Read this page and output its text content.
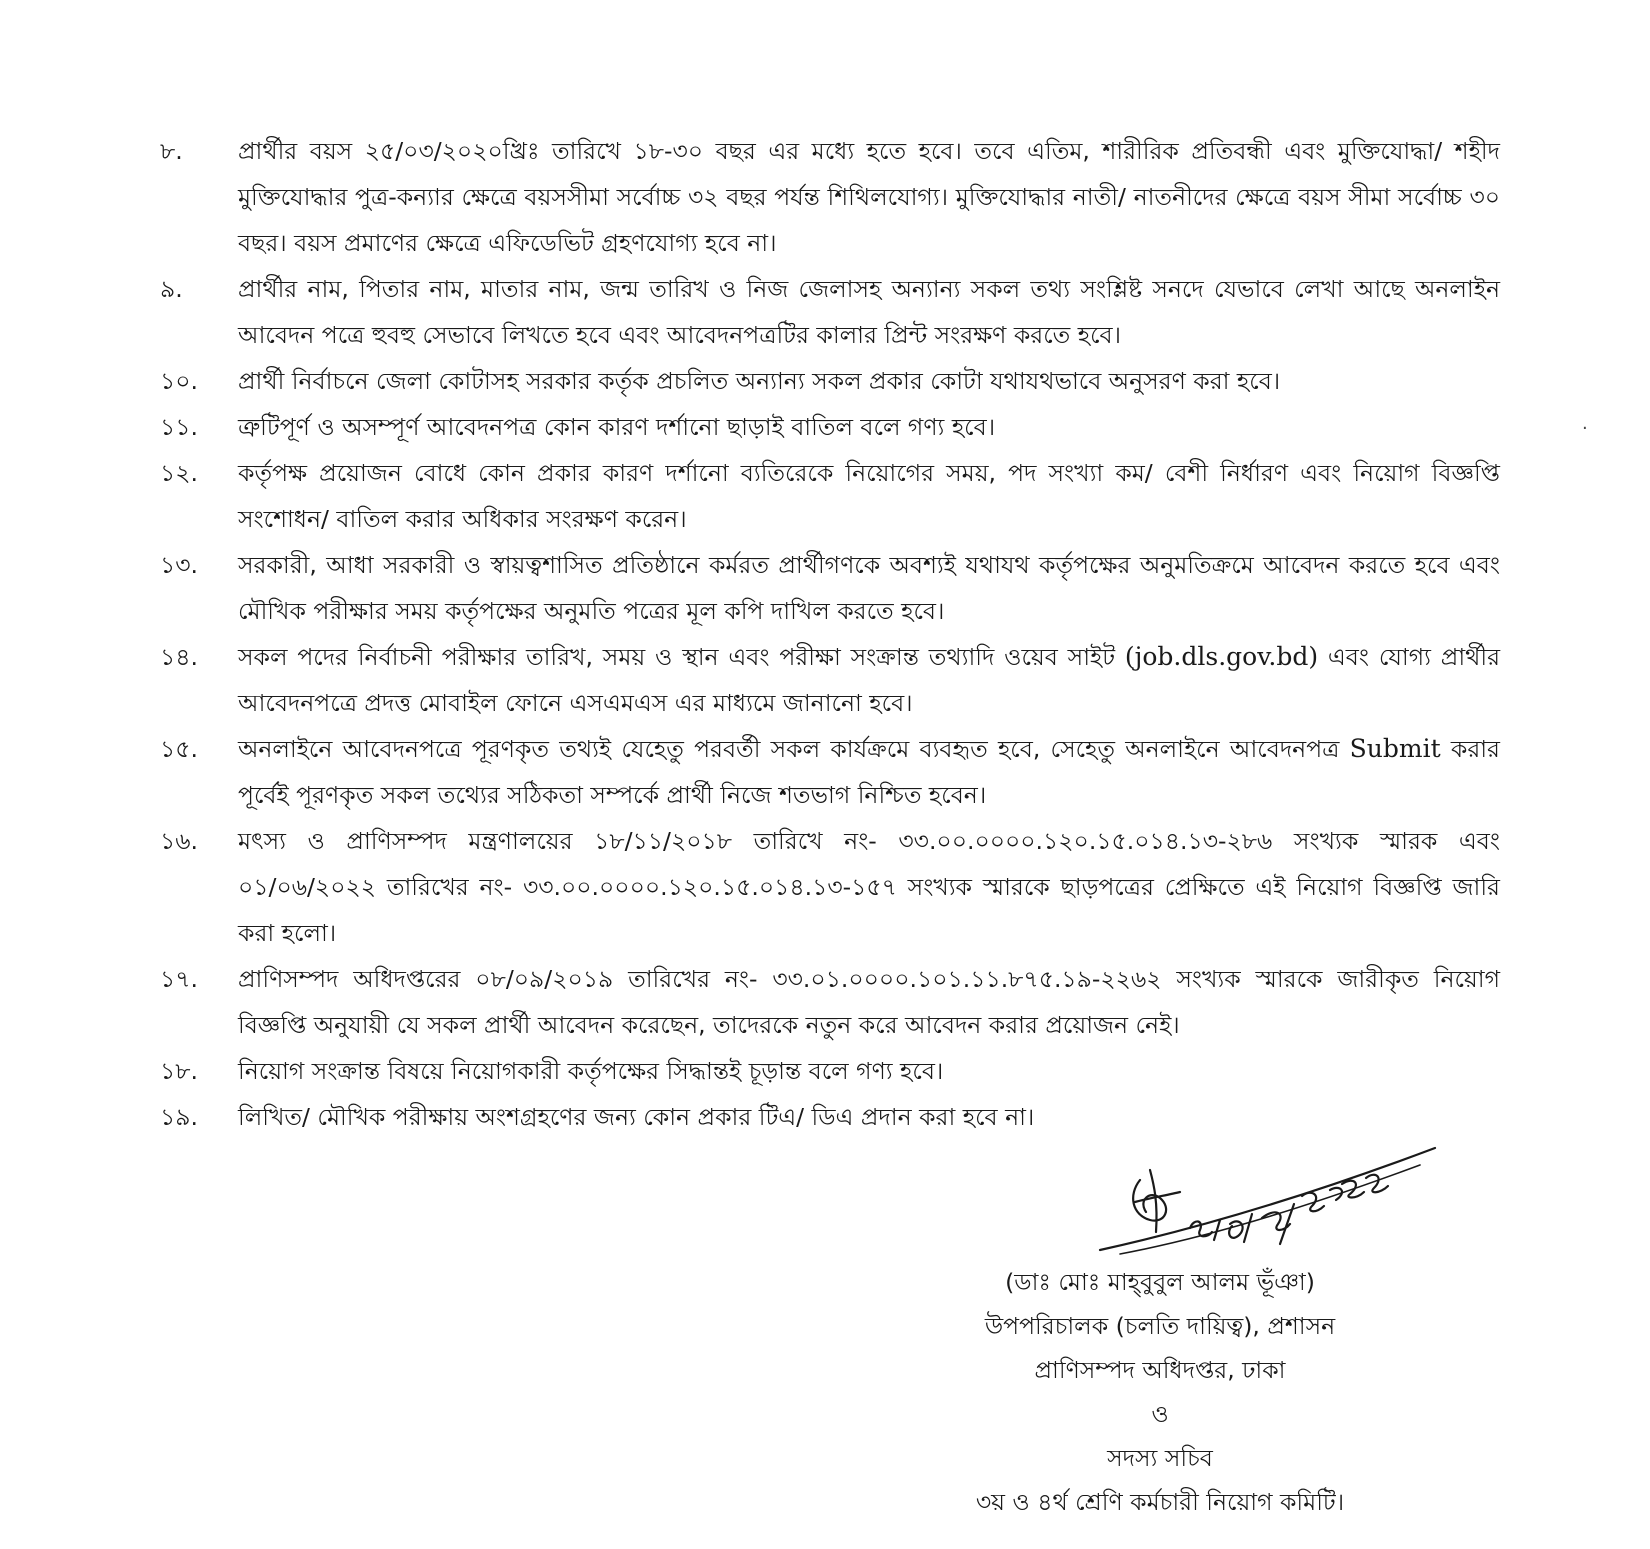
৮.	প্রার্থীর বয়স ২৫/০৩/২০২০খ্রিঃ তারিখে ১৮-৩০ বছর এর মধ্যে হতে হবে। তবে এতিম, শারীরিক প্রতিবন্ধী এবং মুক্তিযোদ্ধা/ শহীদ মুক্তিযোদ্ধার পুত্র-কন্যার ক্ষেত্রে বয়সসীমা সর্বোচ্চ ৩২ বছর পর্যন্ত শিথিলযোগ্য। মুক্তিযোদ্ধার নাতী/ নাতনীদের ক্ষেত্রে বয়স সীমা সর্বোচ্চ ৩০ বছর। বয়স প্রমাণের ক্ষেত্রে এফিডেভিট গ্রহণযোগ্য হবে না।
৯.	প্রার্থীর নাম, পিতার নাম, মাতার নাম, জন্ম তারিখ ও নিজ জেলাসহ অন্যান্য সকল তথ্য সংশ্লিষ্ট সনদে যেভাবে লেখা আছে অনলাইন আবেদন পত্রে হুবহু সেভাবে লিখতে হবে এবং আবেদনপত্রটির কালার প্রিন্ট সংরক্ষণ করতে হবে।
১০.	প্রার্থী নির্বাচনে জেলা কোটাসহ সরকার কর্তৃক প্রচলিত অন্যান্য সকল প্রকার কোটা যথাযথভাবে অনুসরণ করা হবে।
১১.	ত্রুটিপূর্ণ ও অসম্পূর্ণ আবেদনপত্র কোন কারণ দর্শানো ছাড়াই বাতিল বলে গণ্য হবে।
১২.	কর্তৃপক্ষ প্রয়োজন বোধে কোন প্রকার কারণ দর্শানো ব্যতিরেকে নিয়োগের সময়, পদ সংখ্যা কম/ বেশী নির্ধারণ এবং নিয়োগ বিজ্ঞপ্তি সংশোধন/ বাতিল করার অধিকার সংরক্ষণ করেন।
১৩.	সরকারী, আধা সরকারী ও স্বায়ত্বশাসিত প্রতিষ্ঠানে কর্মরত প্রার্থীগণকে অবশ্যই যথাযথ কর্তৃপক্ষের অনুমতিক্রমে আবেদন করতে হবে এবং মৌখিক পরীক্ষার সময় কর্তৃপক্ষের অনুমতি পত্রের মূল কপি দাখিল করতে হবে।
১৪.	সকল পদের নির্বাচনী পরীক্ষার তারিখ, সময় ও স্থান এবং পরীক্ষা সংক্রান্ত তথ্যাদি ওয়েব সাইট (job.dls.gov.bd) এবং যোগ্য প্রার্থীর আবেদনপত্রে প্রদত্ত মোবাইল ফোনে এসএমএস এর মাধ্যমে জানানো হবে।
১৫.	অনলাইনে আবেদনপত্রে পূরণকৃত তথ্যই যেহেতু পরবর্তী সকল কার্যক্রমে ব্যবহৃত হবে, সেহেতু অনলাইনে আবেদনপত্র Submit করার পূর্বেই পূরণকৃত সকল তথ্যের সঠিকতা সম্পর্কে প্রার্থী নিজে শতভাগ নিশ্চিত হবেন।
১৬.	মৎস্য ও প্রাণিসম্পদ মন্ত্রণালয়ের ১৮/১১/২০১৮ তারিখে নং- ৩৩.০০.০০০০.১২০.১৫.০১৪.১৩-২৮৬ সংখ্যক স্মারক এবং ০১/০৬/২০২২ তারিখের নং- ৩৩.০০.০০০০.১২০.১৫.০১৪.১৩-১৫৭ সংখ্যক স্মারকে ছাড়পত্রের প্রেক্ষিতে এই নিয়োগ বিজ্ঞপ্তি জারি করা হলো।
১৭.	প্রাণিসম্পদ অধিদপ্তরের ০৮/০৯/২০১৯ তারিখের নং- ৩৩.০১.০০০০.১০১.১১.৮৭৫.১৯-২২৬২ সংখ্যক স্মারকে জারীকৃত নিয়োগ বিজ্ঞপ্তি অনুযায়ী যে সকল প্রার্থী আবেদন করেছেন, তাদেরকে নতুন করে আবেদন করার প্রয়োজন নেই।
১৮.	নিয়োগ সংক্রান্ত বিষয়ে নিয়োগকারী কর্তৃপক্ষের সিদ্ধান্তই চূড়ান্ত বলে গণ্য হবে।
১৯.	লিখিত/ মৌখিক পরীক্ষায় অংশগ্রহণের জন্য কোন প্রকার টিএ/ ডিএ প্রদান করা হবে না।
·
(ডাঃ মোঃ মাহ্‌বুবুল আলম ভূঁঞা)
উপপরিচালক (চলতি দায়িত্ব), প্রশাসন
প্রাণিসম্পদ অধিদপ্তর, ঢাকা
ও
সদস্য সচিব
৩য় ও ৪র্থ শ্রেণি কর্মচারী নিয়োগ কমিটি।
